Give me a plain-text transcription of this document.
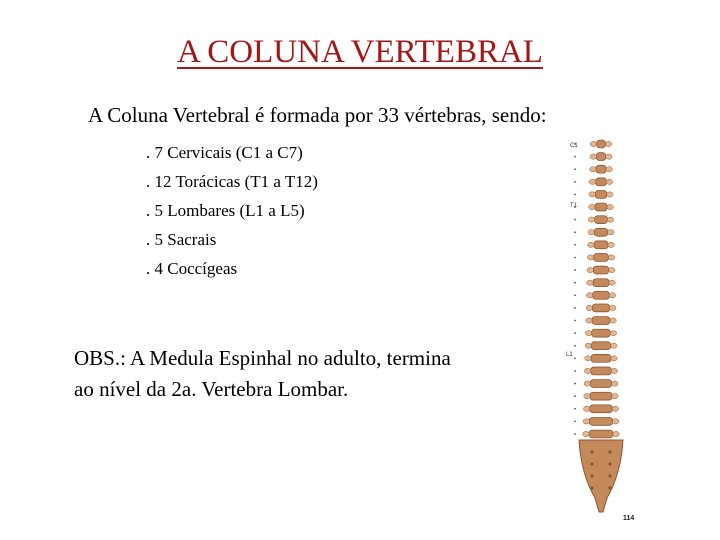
A COLUNA VERTEBRAL

A Coluna Vertebral é formada por 33 vértebras, sendo:

. 7 Cervicais (C1 a C7)
. 12 Torácicas (T1 a T12)
. 5 Lombares (L1 a L5)
. 5 Sacrais
. 4 Coccígeas

OBS.: A Medula Espinhal no adulto, termina
ao nível da 2a. Vertebra Lombar.

C1
T1
L1
114
